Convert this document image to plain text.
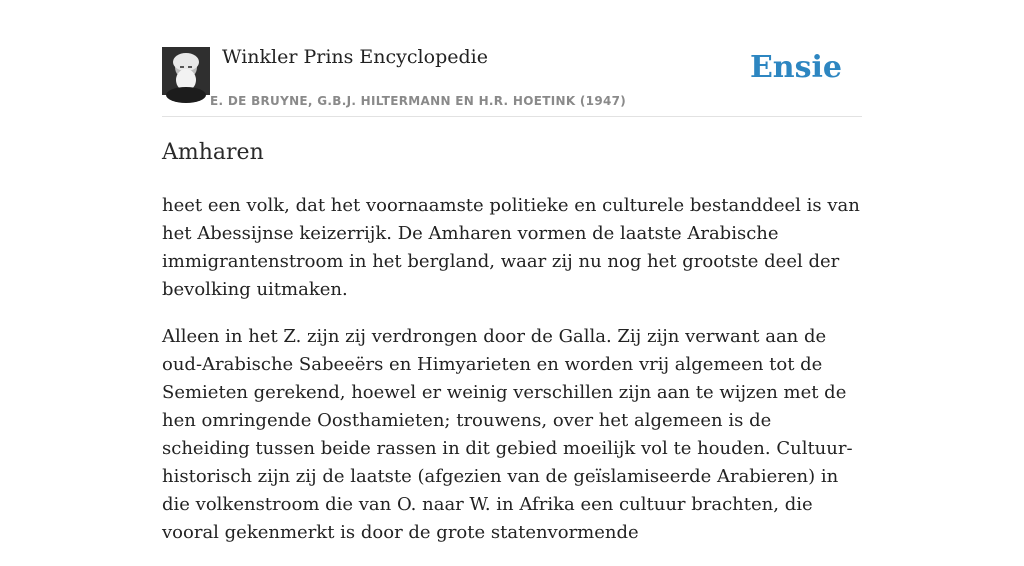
Winkler Prins Encyclopedie
E. DE BRUYNE, G.B.J. HILTERMANN EN H.R. HOETINK (1947)
Ensie
Amharen

heet een volk, dat het voornaamste politieke en culturele bestanddeel is van het Abessijnse keizerrijk. De Amharen vormen de laatste Arabische immigrantenstroom in het bergland, waar zij nu nog het grootste deel der bevolking uitmaken.

Alleen in het Z. zijn zij verdrongen door de Galla. Zij zijn verwant aan de oud-Arabische Sabeeërs en Himyarieten en worden vrij algemeen tot de Semieten gerekend, hoewel er weinig verschillen zijn aan te wijzen met de hen omringende Oosthamieten; trouwens, over het algemeen is de scheiding tussen beide rassen in dit gebied moeilijk vol te houden. Cultuur-historisch zijn zij de laatste (afgezien van de geïslamiseerde Arabieren) in die volkenstroom die van O. naar W. in Afrika een cultuur brachten, die vooral gekenmerkt is door de grote statenvormende
